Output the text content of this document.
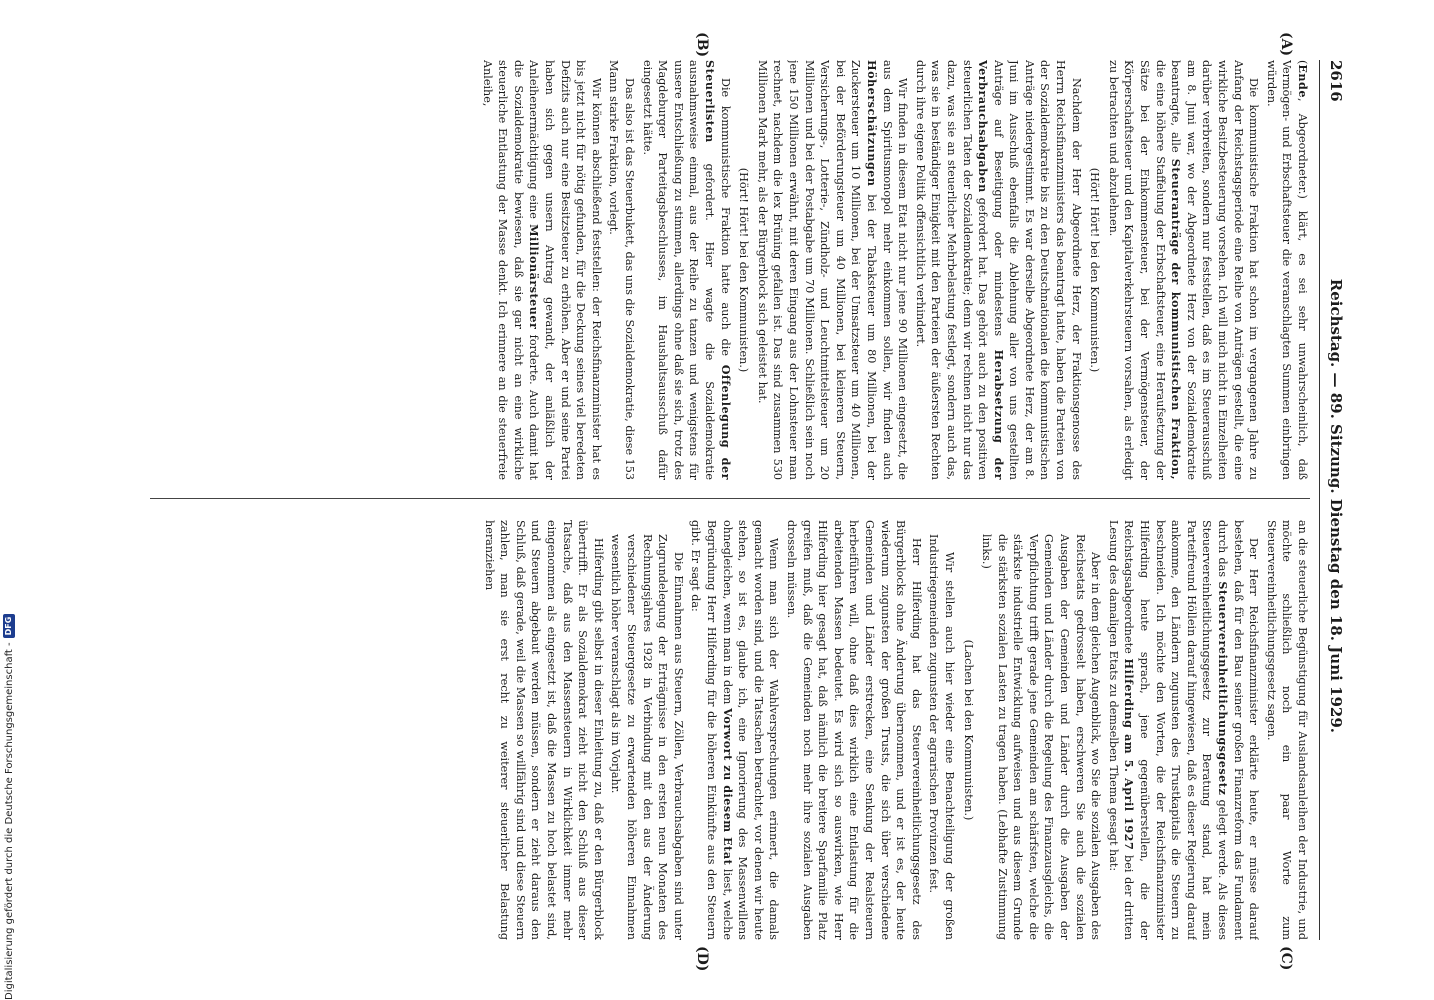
2616
Reichstag. — 89. Sitzung. Dienstag den 18. Juni 1929.
(A)
(B)
(C)
(D)

(Ende, Abgeordneter.) klärt, es sei sehr unwahrscheinlich, daß Vermögen- und Erbschaftsteuer die veranschlagten Summen einbringen würden.

Die kommunistische Fraktion hat schon im vergangenen Jahre zu Anfang der Reichstagsperiode eine Reihe von Anträgen gestellt, die eine wirkliche Besitzbesteuerung vorsehen. Ich will mich nicht in Einzelheiten darüber verbreiten, sondern nur feststellen, daß es im Steuerausschuß am 8. Juni war, wo der Abgeordnete Herz von der Sozialdemokratie beantragte, alle Steueranträge der kommunistischen Fraktion, die eine höhere Staffelung der Erbschaftsteuer, eine Heraufsetzung der Sätze bei der Einkommensteuer, bei der Vermögensteuer, der Körperschaftsteuer und den Kapitalverkehrsteuern vorsahen, als erledigt zu betrachten und abzulehnen.

(Hört! Hört! bei den Kommunisten.)

Nachdem der Herr Abgeordnete Herz, der Fraktionsgenosse des Herrn Reichsfinanzministers das beantragt hatte, haben die Parteien von der Sozialdemokratie bis zu den Deutschnationalen die kommunistischen Anträge niedergestimmt. Es war derselbe Abgeordnete Herz, der am 8. Juni im Ausschuß ebenfalls die Ablehnung aller von uns gestellten Anträge auf Beseitigung oder mindestens Herabsetzung der Verbrauchsabgaben gefordert hat. Das gehört auch zu den positiven steuerlichen Taten der Sozialdemokratie; denn wir rechnen nicht nur das dazu, was sie an steuerlicher Mehrbelastung festlegt, sondern auch das, was sie in beständiger Einigkeit mit den Parteien der äußersten Rechten durch ihre eigene Politik offensichtlich verhindert.

Wir finden in diesem Etat nicht nur jene 90 Millionen eingesetzt, die aus dem Spiritusmonopol mehr einkommen sollen, wir finden auch Höherschätzungen bei der Tabaksteuer um 80 Millionen, bei der Zuckersteuer um 10 Millionen, bei der Umsatzsteuer um 40 Millionen, bei der Beförderungsteuer um 40 Millionen, bei kleineren Steuern, Versicherungs-, Lotterie-, Zündholz- und Leuchtmittelsteuer um 20 Millionen und bei der Postabgabe um 70 Millionen. Schließlich sein noch jene 150 Millionen erwähnt, mit deren Eingang aus der Lohnsteuer man rechnet, nachdem die lex Brüning gefallen ist. Das sind zusammen 530 Millionen Mark mehr, als der Bürgerblock sich geleistet hat.

(Hört! Hört! bei den Kommunisten.)

Die kommunistische Fraktion hatte auch die Offenlegung der Steuerlisten gefordert. Hier wagte die Sozialdemokratie ausnahmsweise einmal, aus der Reihe zu tanzen und wenigstens für unsere Entschließung zu stimmen, allerdings ohne daß sie sich, trotz des Magdeburger Parteitagsbeschlusses, im Haushaltsausschuß dafür eingesetzt hätte.

Das also ist das Steuerbukett, das uns die Sozialdemokratie, diese 153 Mann starke Fraktion, vorlegt.

Wir können abschließend feststellen: der Reichsfinanzminister hat es bis jetzt nicht für nötig gefunden, für die Deckung seines viel beredeten Defizits auch nur eine Besitzsteuer zu erhöhen. Aber er und seine Partei haben sich gegen unsern Antrag gewandt, der anläßlich der Anleihenermächtigung eine Millionärsteuer forderte. Auch damit hat die Sozialdemokratie bewiesen, daß sie gar nicht an eine wirkliche steuerliche Entlastung der Masse denkt. Ich erinnere an die steuerfreie Anleihe,

an die steuerliche Begünstigung für Auslandsanleihen der Industrie, und möchte schließlich noch ein paar Worte zum Steuervereinheitlichungsgesetz sagen.

Der Herr Reichsfinanzminister erklärte heute, er müsse darauf bestehen, daß für den Bau seiner großen Finanzreform das Fundament durch das Steuervereinheitlichungsgesetz gelegt werde. Als dieses Steuervereinheitlichungsgesetz zur Beratung stand, hat mein Parteifreund Höllein darauf hingewiesen, daß es dieser Regierung darauf ankomme, den Ländern zugunsten des Trustkapitals die Steuern zu beschneiden. Ich möchte den Worten, die der Reichsfinanzminister Hilferding heute sprach, jene gegenüberstellen, die der Reichstagsabgeordnete Hilferding am 5. April 1927 bei der dritten Lesung des damaligen Etats zu demselben Thema gesagt hat:

Aber in dem gleichen Augenblick, wo Sie die sozialen Ausgaben des Reichsetats gedrosselt haben, erschweren Sie auch die sozialen Ausgaben der Gemeinden und Länder durch die Ausgaben der Gemeinden und Länder durch die Regelung des Finanzausgleichs, die Verpflichtung trifft gerade jene Gemeinden am schärfsten, welche die stärkste industrielle Entwicklung aufweisen und aus diesem Grunde die stärksten sozialen Lasten zu tragen haben. (Lebhafte Zustimmung links.)

(Lachen bei den Kommunisten.)

Wir stellen auch hier wieder eine Benachteiligung der großen Industriegemeinden zugunsten der agrarischen Provinzen fest.

Herr Hilferding hat das Steuervereinheitlichungsgesetz des Bürgerblocks ohne Änderung übernommen, und er ist es, der heute wiederum zugunsten der großen Trusts, die sich über verschiedene Gemeinden und Länder erstrecken, eine Senkung der Realsteuern herbeiführen will, ohne daß dies wirklich eine Entlastung für die arbeitenden Massen bedeutet. Es wird sich so auswirken, wie Herr Hilferding hier gesagt hat, daß nämlich die breitere Sparfamilie Platz greifen muß, daß die Gemeinden noch mehr ihre sozialen Ausgaben drosseln müssen.

Wenn man sich der Wahlversprechungen erinnert, die damals gemacht worden sind, und die Tatsachen betrachtet, vor denen wir heute stehen, so ist es, glaube ich, eine Ignorierung des Massenwillens ohnegleichen, wenn man in dem Vorwort zu diesem Etat liest, welche Begründung Herr Hilferding für die höheren Einkünfte aus den Steuern gibt. Er sagt da:

Die Einnahmen aus Steuern, Zöllen, Verbrauchsabgaben sind unter Zugrundelegung der Erträgnisse in den ersten neun Monaten des Rechnungsjahres 1928 in Verbindung mit den aus der Änderung verschiedener Steuergesetze zu erwartenden höheren Einnahmen wesentlich höher veranschlagt als im Vorjahr.

Hilferding gibt selbst in dieser Einleitung zu, daß er den Bürgerblock übertrifft. Er als Sozialdemokrat zieht nicht den Schluß aus dieser Tatsache, daß aus den Massensteuern in Wirklichkeit immer mehr eingenommen als eingesetzt ist, daß die Massen zu hoch belastet sind, und Steuern abgebaut werden müssen, sondern er zieht daraus den Schluß, daß gerade, weil die Massen so willfährig sind und diese Steuern zahlen, man sie erst recht zu weiterer steuerlicher Belastung heranziehen

Digitalisierung gefördert durch die Deutsche Forschungsgemeinschaft -
DFG
